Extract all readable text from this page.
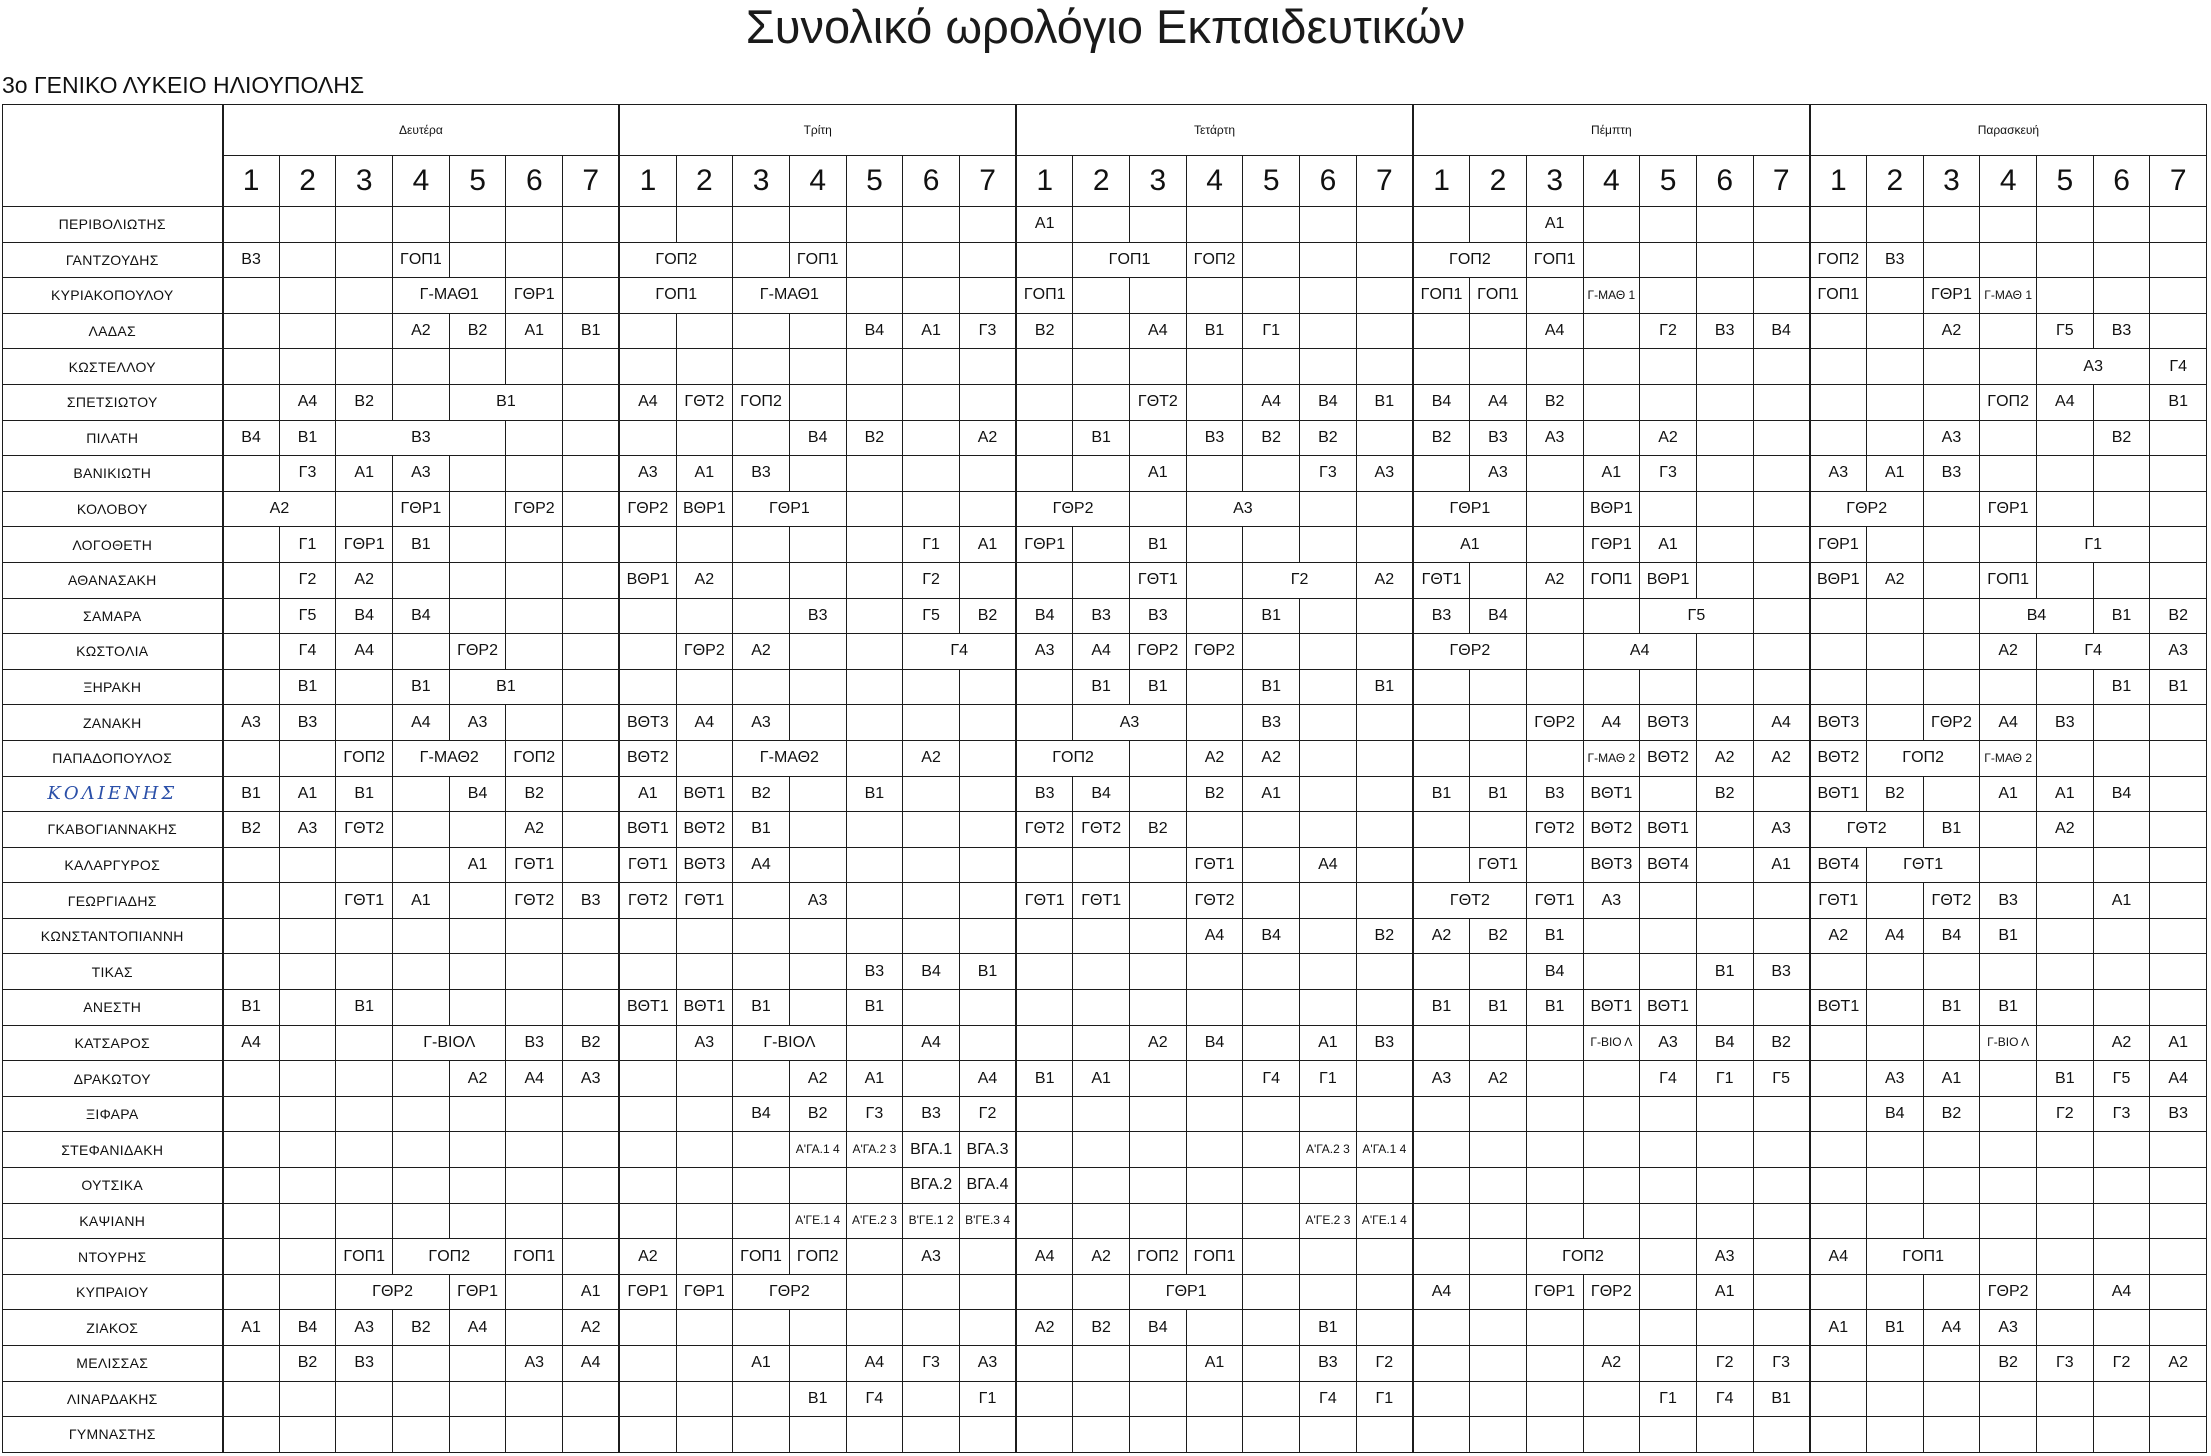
Συνολικό ωρολόγιο Εκπαιδευτικών
3ο ΓΕΝΙΚΟ ΛΥΚΕΙΟ ΗΛΙΟΥΠΟΛΗΣ
	Δευτέρα							Τρίτη							Τετάρτη							Πέμπτη							Παρασκευή						
	1	2	3	4	5	6	7	1	2	3	4	5	6	7	1	2	3	4	5	6	7	1	2	3	4	5	6	7	1	2	3	4	5	6	7
ΠΕΡΙΒΟΛΙΩΤΗΣ															Α1									Α1											
ΓΑΝΤΖΟΥΔΗΣ	Β3			ΓΟΠ1				ΓΟΠ2			ΓΟΠ1					ΓΟΠ1		ΓΟΠ2				ΓΟΠ2		ΓΟΠ1					ΓΟΠ2	Β3					
ΚΥΡΙΑΚΟΠΟΥΛΟΥ				Γ-ΜΑΘ1		ΓΘΡ1		ΓΟΠ1		Γ-ΜΑΘ1					ΓΟΠ1							ΓΟΠ1	ΓΟΠ1		Γ-ΜΑΘ 1				ΓΟΠ1		ΓΘΡ1	Γ-ΜΑΘ 1			
ΛΑΔΑΣ				Α2	Β2	Α1	Β1					Β4	Α1	Γ3	Β2		Α4	Β1	Γ1					Α4		Γ2	Β3	Β4			Α2		Γ5	Β3	
ΚΩΣΤΕΛΛΟΥ																																	Α3		Γ4
ΣΠΕΤΣΙΩΤΟΥ		Α4	Β2		Β1			Α4	ΓΘΤ2	ΓΟΠ2							ΓΘΤ2		Α4	Β4	Β1	Β4	Α4	Β2								ΓΟΠ2	Α4		Β1
ΠΙΛΑΤΗ	Β4	Β1	Β3								Β4	Β2		Α2		Β1		Β3	Β2	Β2		Β2	Β3	Α3		Α2					Α3			Β2	
ΒΑΝΙΚΙΩΤΗ		Γ3	Α1	Α3				Α3	Α1	Β3							Α1			Γ3	Α3		Α3		Α1	Γ3			Α3	Α1	Β3				
ΚΟΛΟΒΟΥ	Α2			ΓΘΡ1		ΓΘΡ2		ΓΘΡ2	ΒΘΡ1	ΓΘΡ1					ΓΘΡ2			Α3				ΓΘΡ1			ΒΘΡ1				ΓΘΡ2			ΓΘΡ1			
ΛΟΓΟΘΕΤΗ		Γ1	ΓΘΡ1	Β1									Γ1	Α1	ΓΘΡ1		Β1					Α1			ΓΘΡ1	Α1			ΓΘΡ1				Γ1		
ΑΘΑΝΑΣΑΚΗ		Γ2	Α2					ΒΘΡ1	Α2				Γ2				ΓΘΤ1		Γ2		Α2	ΓΘΤ1		Α2	ΓΟΠ1	ΒΘΡ1			ΒΘΡ1	Α2		ΓΟΠ1			
ΣΑΜΑΡΑ		Γ5	Β4	Β4							Β3		Γ5	Β2	Β4	Β3	Β3		Β1			Β3	Β4			Γ5						Β4		Β1	Β2
ΚΩΣΤΟΛΙΑ		Γ4	Α4		ΓΘΡ2				ΓΘΡ2	Α2			Γ4		Α3	Α4	ΓΘΡ2	ΓΘΡ2				ΓΘΡ2			Α4							Α2	Γ4		Α3
ΞΗΡΑΚΗ		Β1		Β1	Β1											Β1	Β1		Β1		Β1													Β1	Β1
ΖΑΝΑΚΗ	Α3	Β3		Α4	Α3			ΒΘΤ3	Α4	Α3						Α3			Β3					ΓΘΡ2	Α4	ΒΘΤ3		Α4	ΒΘΤ3		ΓΘΡ2	Α4	Β3		
ΠΑΠΑΔΟΠΟΥΛΟΣ			ΓΟΠ2	Γ-ΜΑΘ2		ΓΟΠ2		ΒΘΤ2		Γ-ΜΑΘ2			Α2		ΓΟΠ2			Α2	Α2						Γ-ΜΑΘ 2	ΒΘΤ2	Α2	Α2	ΒΘΤ2	ΓΟΠ2		Γ-ΜΑΘ 2			
ΚΟΛΙΕΝΗΣ	Β1	Α1	Β1		Β4	Β2		Α1	ΒΘΤ1	Β2		Β1			Β3	Β4		Β2	Α1			Β1	Β1	Β3	ΒΘΤ1		Β2		ΒΘΤ1	Β2		Α1	Α1	Β4	
ΓΚΑΒΟΓΙΑΝΝΑΚΗΣ	Β2	Α3	ΓΘΤ2			Α2		ΒΘΤ1	ΒΘΤ2	Β1					ΓΘΤ2	ΓΘΤ2	Β2							ΓΘΤ2	ΒΘΤ2	ΒΘΤ1		Α3	ΓΘΤ2		Β1		Α2		
ΚΑΛΑΡΓΥΡΟΣ					Α1	ΓΘΤ1		ΓΘΤ1	ΒΘΤ3	Α4								ΓΘΤ1		Α4			ΓΘΤ1		ΒΘΤ3	ΒΘΤ4		Α1	ΒΘΤ4	ΓΘΤ1					
ΓΕΩΡΓΙΑΔΗΣ			ΓΘΤ1	Α1		ΓΘΤ2	Β3	ΓΘΤ2	ΓΘΤ1		Α3				ΓΘΤ1	ΓΘΤ1		ΓΘΤ2				ΓΘΤ2		ΓΘΤ1	Α3				ΓΘΤ1		ΓΘΤ2	Β3		Α1	
ΚΩΝΣΤΑΝΤΟΠΙΑΝΝΗ																		Α4	Β4		Β2	Α2	Β2	Β1					Α2	Α4	Β4	Β1			
ΤΙΚΑΣ												Β3	Β4	Β1										Β4			Β1	Β3							
ΑΝΕΣΤΗ	Β1		Β1					ΒΘΤ1	ΒΘΤ1	Β1		Β1										Β1	Β1	Β1	ΒΘΤ1	ΒΘΤ1			ΒΘΤ1		Β1	Β1			
ΚΑΤΣΑΡΟΣ	Α4			Γ-ΒΙΟΛ		Β3	Β2		Α3	Γ-ΒΙΟΛ			Α4				Α2	Β4		Α1	Β3				Γ-ΒΙΟ Λ	Α3	Β4	Β2				Γ-ΒΙΟ Λ		Α2	Α1
ΔΡΑΚΩΤΟΥ					Α2	Α4	Α3				Α2	Α1		Α4	Β1	Α1			Γ4	Γ1		Α3	Α2			Γ4	Γ1	Γ5		Α3	Α1		Β1	Γ5	Α4
ΞΙΦΑΡΑ										Β4	Β2	Γ3	Β3	Γ2																Β4	Β2		Γ2	Γ3	Β3
ΣΤΕΦΑΝΙΔΑΚΗ											Α'ΓΑ.1 4	Α'ΓΑ.2 3	ΒΓΑ.1	ΒΓΑ.3						Α'ΓΑ.2 3	Α'ΓΑ.1 4														
ΟΥΤΣΙΚΑ													ΒΓΑ.2	ΒΓΑ.4																					
ΚΑΨΙΑΝΗ											Α'ΓΕ.1 4	Α'ΓΕ.2 3	Β'ΓΕ.1 2	Β'ΓΕ.3 4						Α'ΓΕ.2 3	Α'ΓΕ.1 4														
ΝΤΟΥΡΗΣ			ΓΟΠ1	ΓΟΠ2		ΓΟΠ1		Α2		ΓΟΠ1	ΓΟΠ2		Α3		Α4	Α2	ΓΟΠ2	ΓΟΠ1						ΓΟΠ2			Α3		Α4	ΓΟΠ1					
ΚΥΠΡΑΙΟΥ			ΓΘΡ2		ΓΘΡ1		Α1	ΓΘΡ1	ΓΘΡ1	ΓΘΡ2							ΓΘΡ1					Α4		ΓΘΡ1	ΓΘΡ2		Α1					ΓΘΡ2		Α4	
ΖΙΑΚΟΣ	Α1	Β4	Α3	Β2	Α4		Α2								Α2	Β2	Β4			Β1									Α1	Β1	Α4	Α3			
ΜΕΛΙΣΣΑΣ		Β2	Β3			Α3	Α4			Α1		Α4	Γ3	Α3				Α1		Β3	Γ2				Α2		Γ2	Γ3				Β2	Γ3	Γ2	Α2
ΛΙΝΑΡΔΑΚΗΣ											Β1	Γ4		Γ1						Γ4	Γ1					Γ1	Γ4	Β1							
ΓΥΜΝΑΣΤΗΣ																																			
